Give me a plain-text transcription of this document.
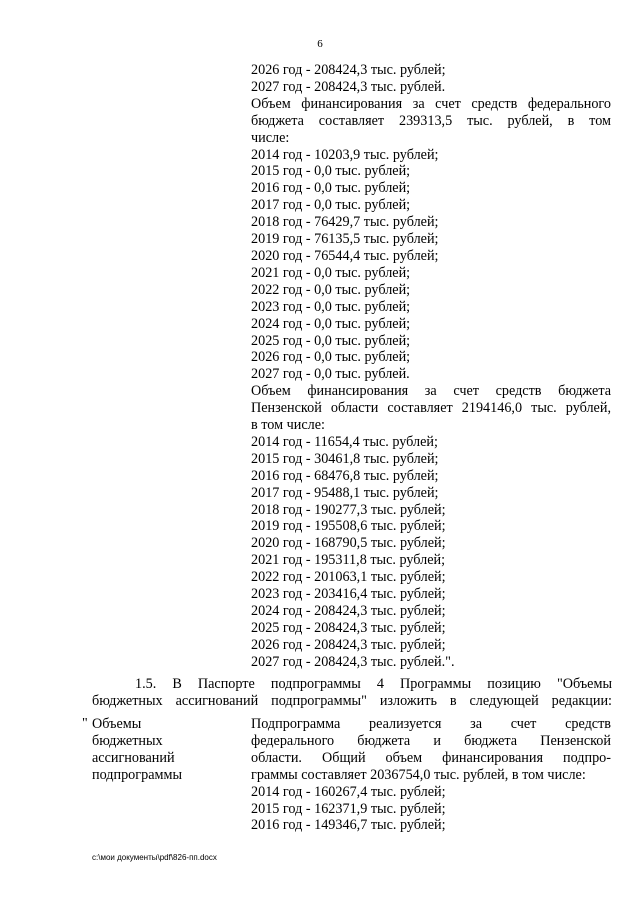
6
2026 год - 208424,3 тыс. рублей;
2027 год - 208424,3 тыс. рублей.
Объем финансирования за счет средств федерального
бюджета составляет 239313,5 тыс. рублей, в том
числе:
2014 год - 10203,9 тыс. рублей;
2015 год - 0,0 тыс. рублей;
2016 год - 0,0 тыс. рублей;
2017 год - 0,0 тыс. рублей;
2018 год - 76429,7 тыс. рублей;
2019 год - 76135,5 тыс. рублей;
2020 год - 76544,4 тыс. рублей;
2021 год - 0,0 тыс. рублей;
2022 год - 0,0 тыс. рублей;
2023 год - 0,0 тыс. рублей;
2024 год - 0,0 тыс. рублей;
2025 год - 0,0 тыс. рублей;
2026 год - 0,0 тыс. рублей;
2027 год - 0,0 тыс. рублей.
Объем финансирования за счет средств бюджета
Пензенской области составляет 2194146,0 тыс. рублей,
в том числе:
2014 год - 11654,4 тыс. рублей;
2015 год - 30461,8 тыс. рублей;
2016 год - 68476,8 тыс. рублей;
2017 год - 95488,1 тыс. рублей;
2018 год - 190277,3 тыс. рублей;
2019 год - 195508,6 тыс. рублей;
2020 год - 168790,5 тыс. рублей;
2021 год - 195311,8 тыс. рублей;
2022 год - 201063,1 тыс. рублей;
2023 год - 203416,4 тыс. рублей;
2024 год - 208424,3 тыс. рублей;
2025 год - 208424,3 тыс. рублей;
2026 год - 208424,3 тыс. рублей;
2027 год - 208424,3 тыс. рублей.".
1.5. В Паспорте подпрограммы 4 Программы позицию "Объемы
бюджетных ассигнований подпрограммы" изложить в следующей редакции:
" Объемы
бюджетных
ассигнований
подпрограммы
Подпрограмма реализуется за счет средств
федерального бюджета и бюджета Пензенской
области. Общий объем финансирования подпро-
граммы составляет 2036754,0 тыс. рублей, в том числе:
2014 год - 160267,4 тыс. рублей;
2015 год - 162371,9 тыс. рублей;
2016 год - 149346,7 тыс. рублей;
c:\мои документы\pdf\826-пп.docx
